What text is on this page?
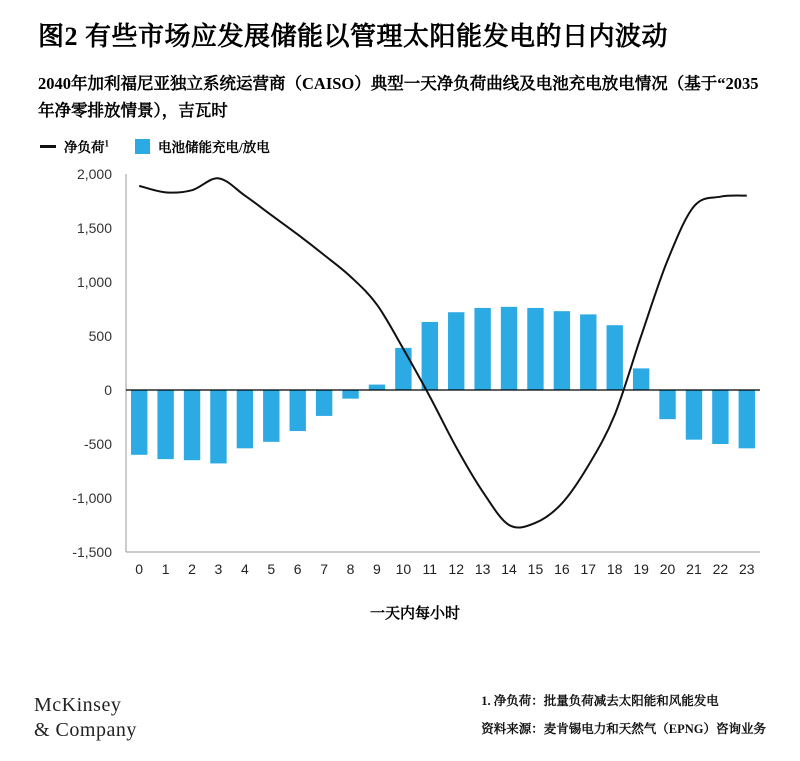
图2 有些市场应发展储能以管理太阳能发电的日内波动
2040年加利福尼亚独立系统运营商（CAISO）典型一天净负荷曲线及电池充电放电情况（基于“2035年净零排放情景），吉瓦时
净负荷$^1$	电池储能充电/放电
2,000
1,500
1,000
500
0
-500
-1,000
-1,500
0 1 2 3 4 5 6 7 8 9 10 11 12 13 14 15 16 17 18 19 20 21 22 23
一天内每小时
McKinsey
& Company
1. 净负荷：批量负荷减去太阳能和风能发电
资料来源：麦肯锡电力和天然气（EPNG）咨询业务
